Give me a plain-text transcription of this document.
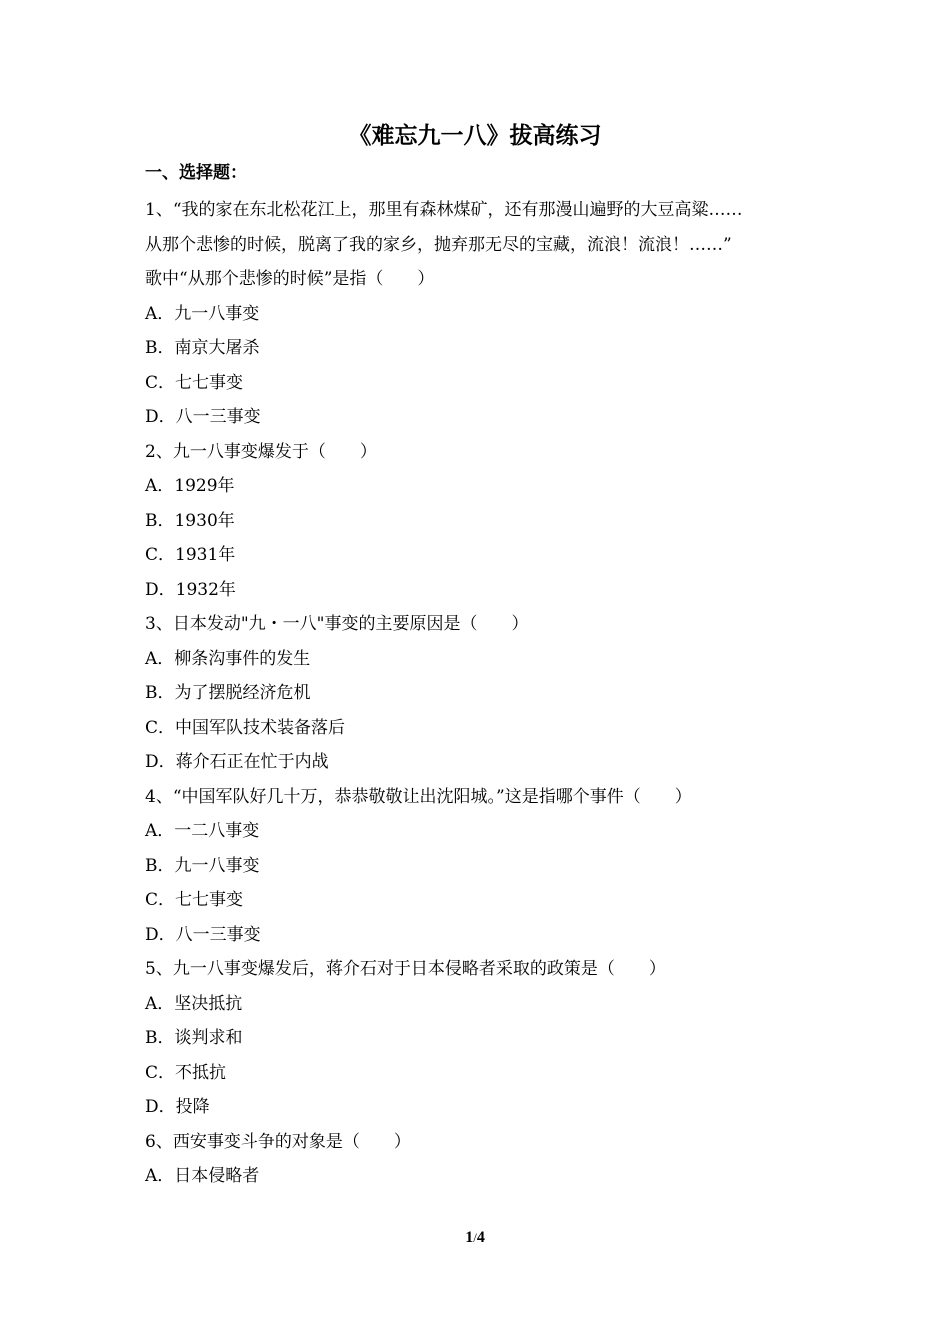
《难忘九一八》拔高练习
一、选择题：
1、“我的家在东北松花江上，那里有森林煤矿，还有那漫山遍野的大豆高粱……
从那个悲惨的时候，脱离了我的家乡，抛弃那无尽的宝藏，流浪！流浪！……”
歌中“从那个悲惨的时候”是指（　　）
A．九一八事变
B．南京大屠杀
C．七七事变
D．八一三事变
2、九一八事变爆发于（　　）
A．1929年
B．1930年
C．1931年
D．1932年
3、日本发动"九・一八"事变的主要原因是（　　）
A．柳条沟事件的发生
B．为了摆脱经济危机
C．中国军队技术装备落后
D．蒋介石正在忙于内战
4、“中国军队好几十万，恭恭敬敬让出沈阳城。”这是指哪个事件（　　）
A．一二八事变
B．九一八事变
C．七七事变
D．八一三事变
5、九一八事变爆发后，蒋介石对于日本侵略者采取的政策是（　　）
A．坚决抵抗
B．谈判求和
C．不抵抗
D．投降
6、西安事变斗争的对象是（　　）
A．日本侵略者
1/4
